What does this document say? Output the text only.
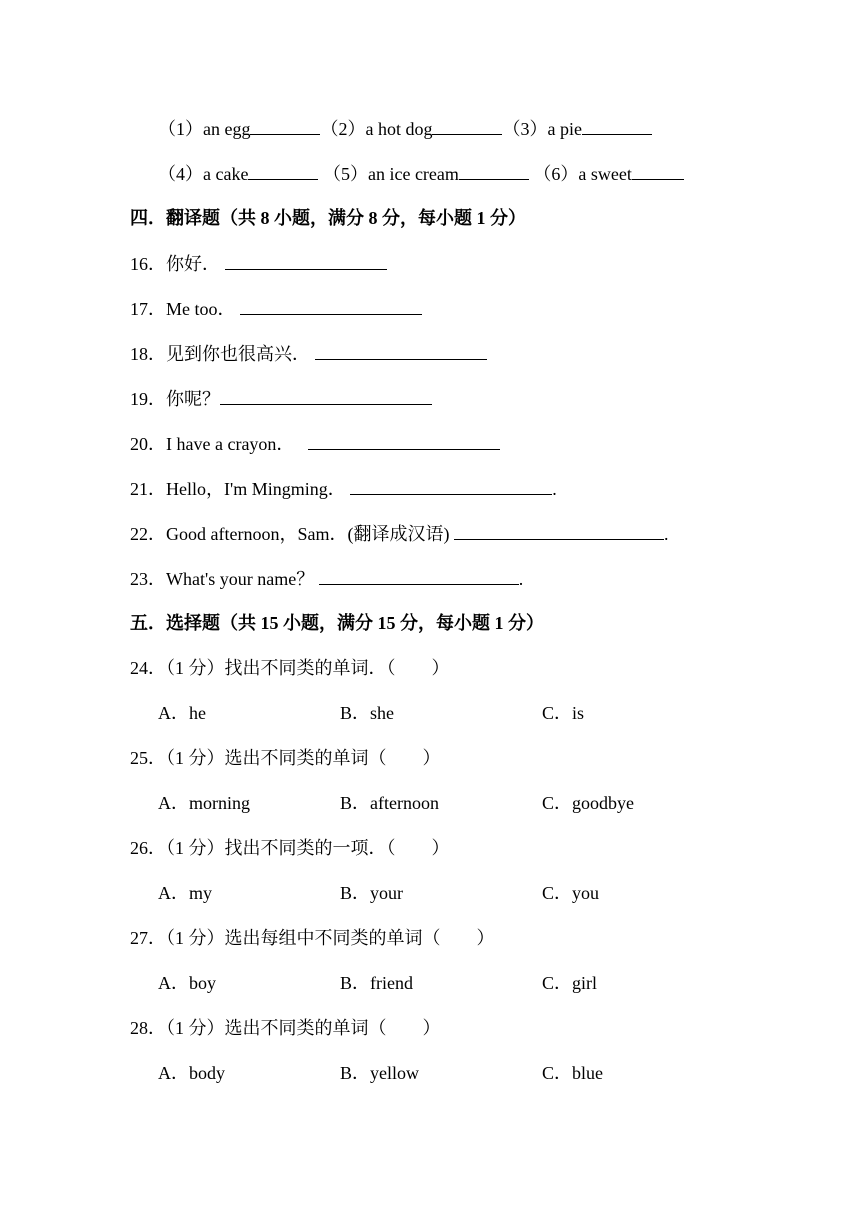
（1）an egg	（2）a hot dog	（3）a pie
（4）a cake	（5）an ice cream	（6）a sweet
四．翻译题（共 8 小题，满分 8 分，每小题 1 分）
16．你好．
17．Me too．
18．见到你也很高兴．
19．你呢？
20．I have a crayon．
21．Hello，I'm Mingming．	.
22．Good afternoon，Sam．(翻译成汉语)	.
23．What's your name？	.
五．选择题（共 15 小题，满分 15 分，每小题 1 分）
24．（1 分）找出不同类的单词．（　　）
A．he	B．she	C．is
25．（1 分）选出不同类的单词（　　）
A．morning	B．afternoon	C．goodbye
26．（1 分）找出不同类的一项．（　　）
A．my	B．your	C．you
27．（1 分）选出每组中不同类的单词（　　）
A．boy	B．friend	C．girl
28．（1 分）选出不同类的单词（　　）
A．body	B．yellow	C．blue
